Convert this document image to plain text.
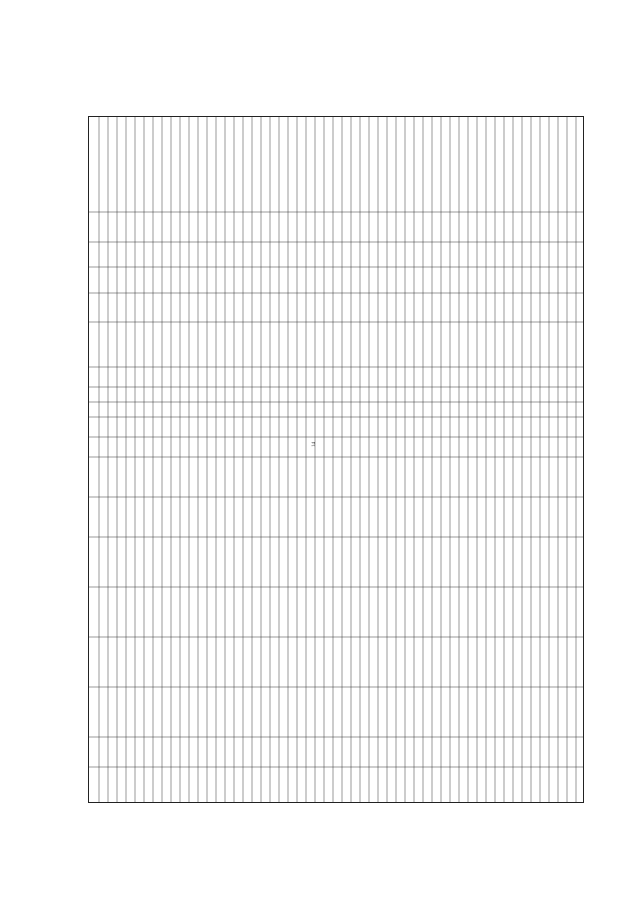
14
